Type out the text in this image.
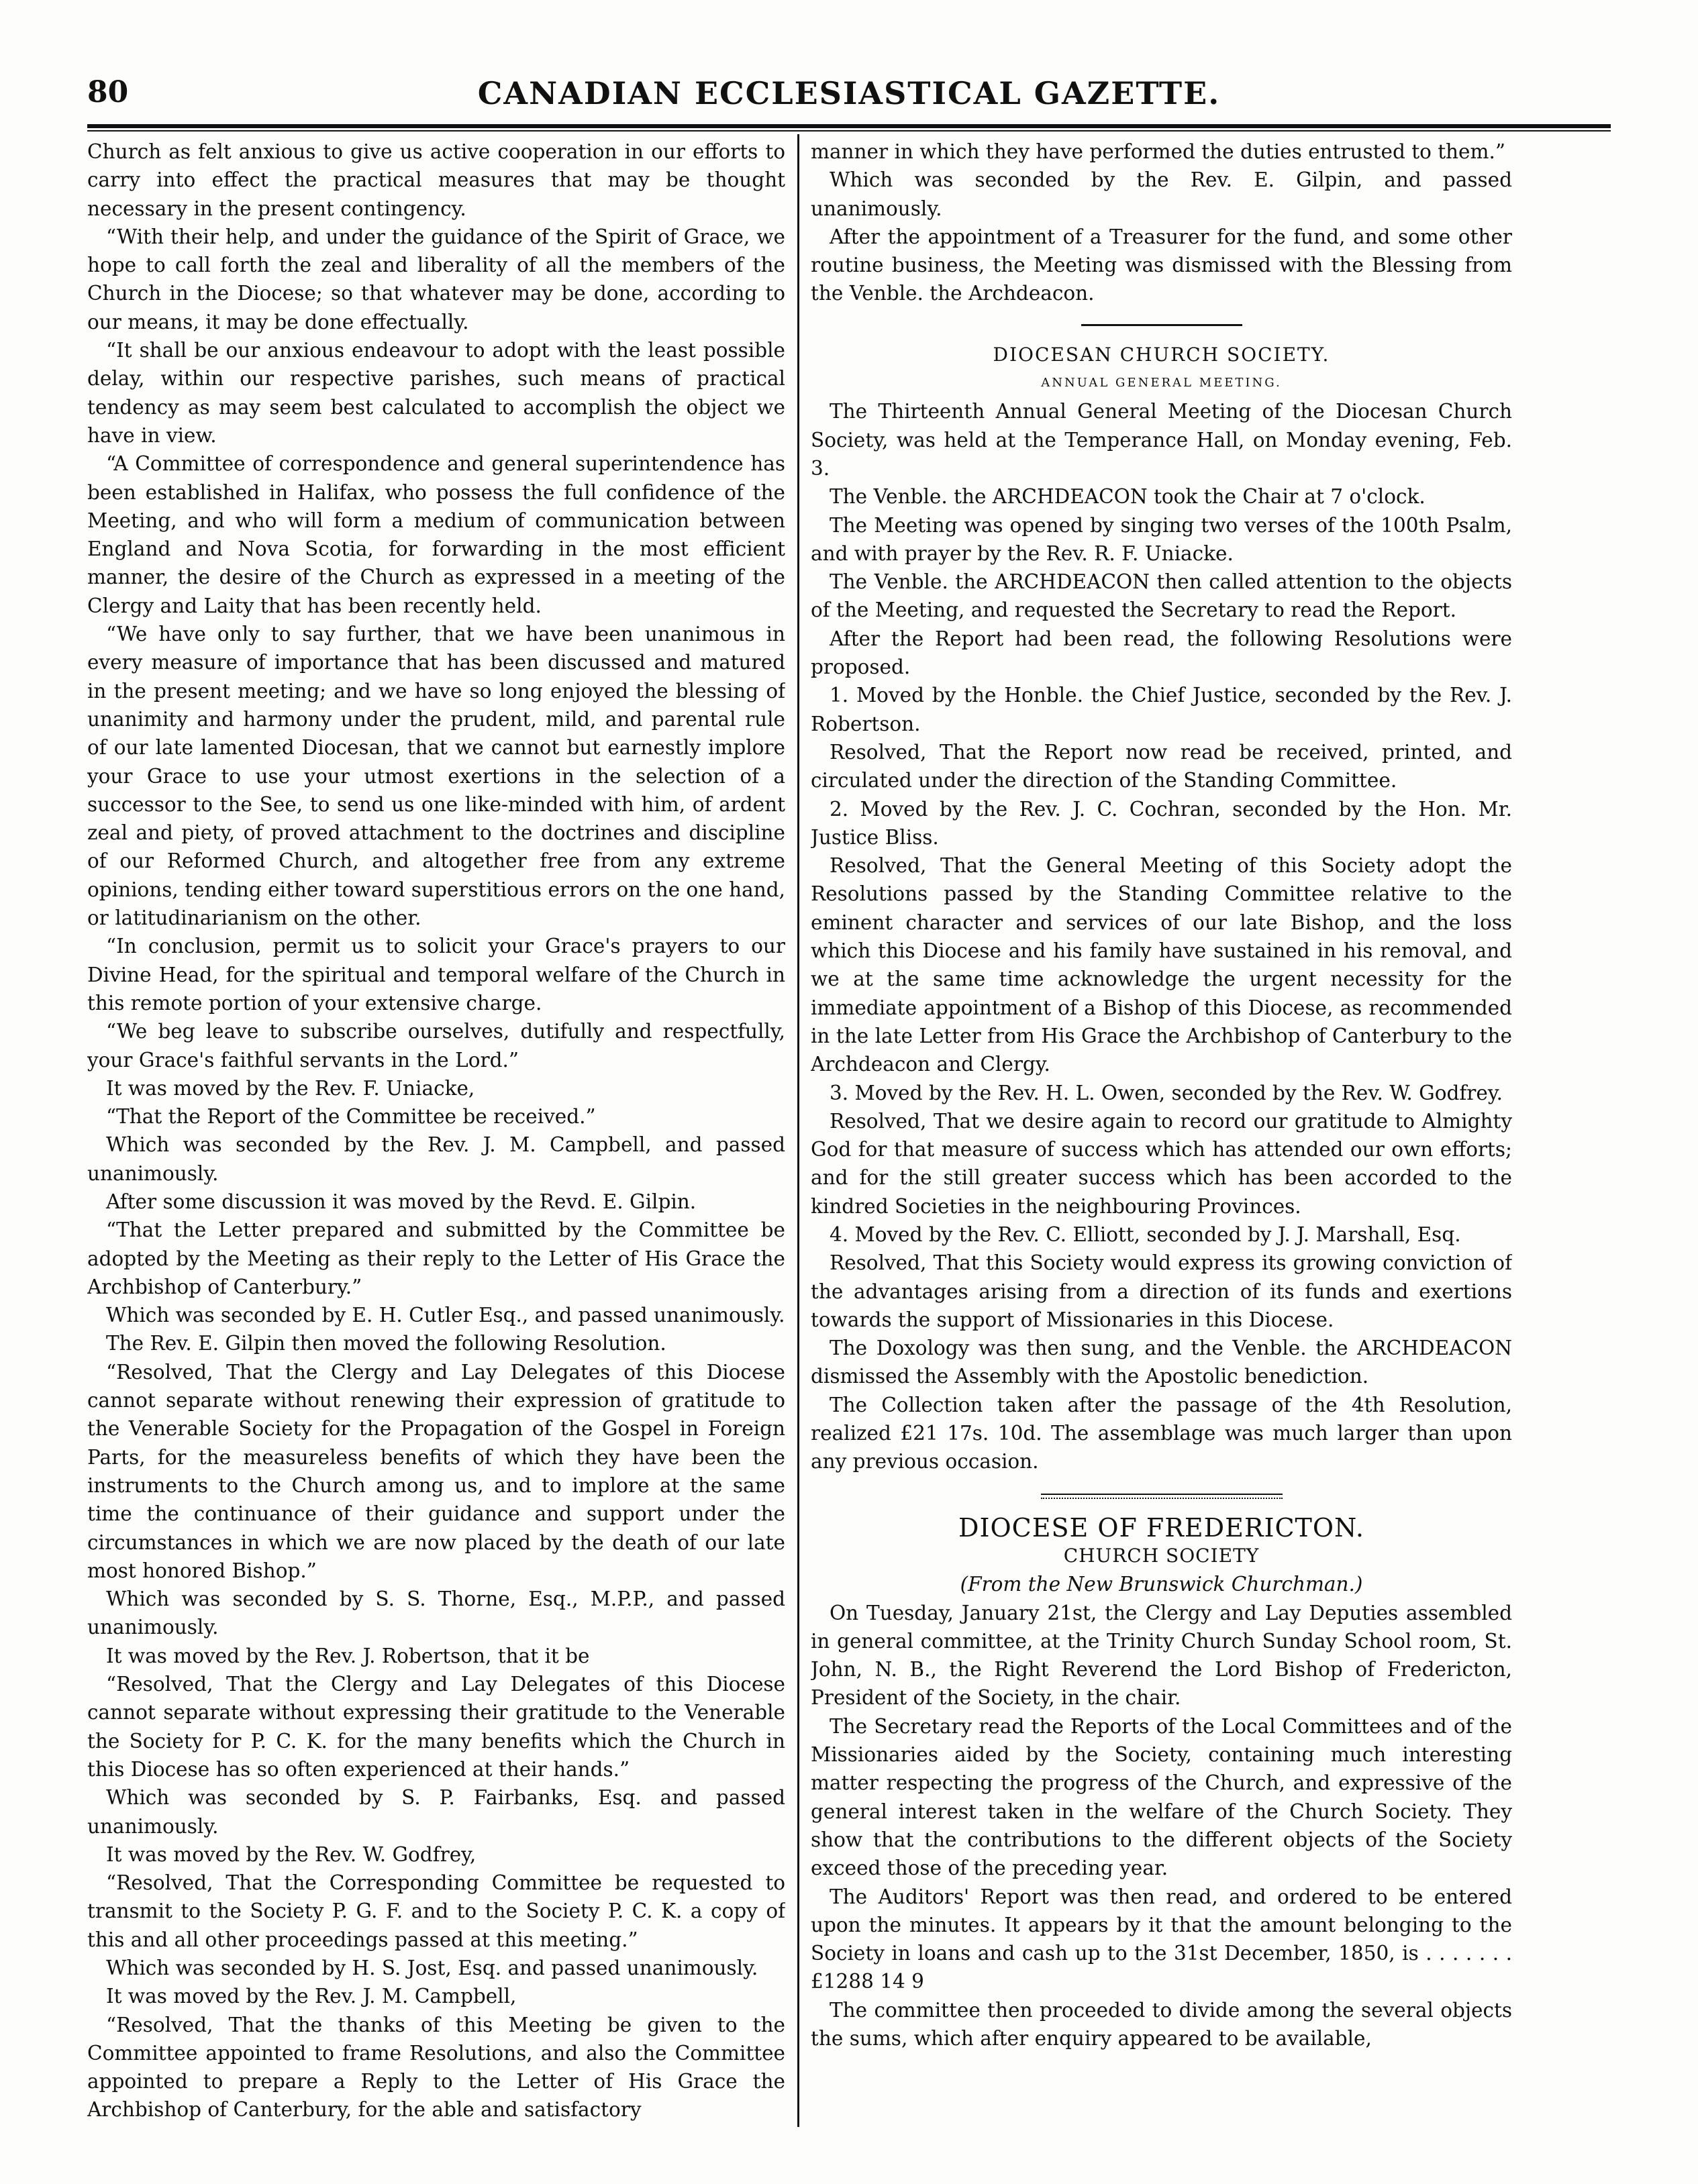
80	CANADIAN ECCLESIASTICAL GAZETTE.

Church as felt anxious to give us active cooperation in our efforts to carry into effect the practical measures that may be thought necessary in the present contingency.

“With their help, and under the guidance of the Spirit of Grace, we hope to call forth the zeal and liberality of all the members of the Church in the Diocese; so that whatever may be done, according to our means, it may be done effectually.

“It shall be our anxious endeavour to adopt with the least possible delay, within our respective parishes, such means of practical tendency as may seem best calculated to accomplish the object we have in view.

“A Committee of correspondence and general superintendence has been established in Halifax, who possess the full confidence of the Meeting, and who will form a medium of communication between England and Nova Scotia, for forwarding in the most efficient manner, the desire of the Church as expressed in a meeting of the Clergy and Laity that has been recently held.

“We have only to say further, that we have been unanimous in every measure of importance that has been discussed and matured in the present meeting; and we have so long enjoyed the blessing of unanimity and harmony under the prudent, mild, and parental rule of our late lamented Diocesan, that we cannot but earnestly implore your Grace to use your utmost exertions in the selection of a successor to the See, to send us one like-minded with him, of ardent zeal and piety, of proved attachment to the doctrines and discipline of our Reformed Church, and altogether free from any extreme opinions, tending either toward superstitious errors on the one hand, or latitudinarianism on the other.

“In conclusion, permit us to solicit your Grace's prayers to our Divine Head, for the spiritual and temporal welfare of the Church in this remote portion of your extensive charge.

“We beg leave to subscribe ourselves, dutifully and respectfully, your Grace's faithful servants in the Lord.”

It was moved by the Rev. F. Uniacke,

“That the Report of the Committee be received.”

Which was seconded by the Rev. J. M. Campbell, and passed unanimously.

After some discussion it was moved by the Revd. E. Gilpin.

“That the Letter prepared and submitted by the Committee be adopted by the Meeting as their reply to the Letter of His Grace the Archbishop of Canterbury.”

Which was seconded by E. H. Cutler Esq., and passed unanimously.

The Rev. E. Gilpin then moved the following Resolution.

“Resolved, That the Clergy and Lay Delegates of this Diocese cannot separate without renewing their expression of gratitude to the Venerable Society for the Propagation of the Gospel in Foreign Parts, for the measureless benefits of which they have been the instruments to the Church among us, and to implore at the same time the continuance of their guidance and support under the circumstances in which we are now placed by the death of our late most honored Bishop.”

Which was seconded by S. S. Thorne, Esq., M.P.P., and passed unanimously.

It was moved by the Rev. J. Robertson, that it be

“Resolved, That the Clergy and Lay Delegates of this Diocese cannot separate without expressing their gratitude to the Venerable the Society for P. C. K. for the many benefits which the Church in this Diocese has so often experienced at their hands.”

Which was seconded by S. P. Fairbanks, Esq. and passed unanimously.

It was moved by the Rev. W. Godfrey,

“Resolved, That the Corresponding Committee be requested to transmit to the Society P. G. F. and to the Society P. C. K. a copy of this and all other proceedings passed at this meeting.”

Which was seconded by H. S. Jost, Esq. and passed unanimously.

It was moved by the Rev. J. M. Campbell,

“Resolved, That the thanks of this Meeting be given to the Committee appointed to frame Resolutions, and also the Committee appointed to prepare a Reply to the Letter of His Grace the Archbishop of Canterbury, for the able and satisfactory

manner in which they have performed the duties entrusted to them.”

Which was seconded by the Rev. E. Gilpin, and passed unanimously.

After the appointment of a Treasurer for the fund, and some other routine business, the Meeting was dismissed with the Blessing from the Venble. the Archdeacon.

DIOCESAN CHURCH SOCIETY.

ANNUAL GENERAL MEETING.

The Thirteenth Annual General Meeting of the Diocesan Church Society, was held at the Temperance Hall, on Monday evening, Feb. 3.

The Venble. the ARCHDEACON took the Chair at 7 o'clock.

The Meeting was opened by singing two verses of the 100th Psalm, and with prayer by the Rev. R. F. Uniacke.

The Venble. the ARCHDEACON then called attention to the objects of the Meeting, and requested the Secretary to read the Report.

After the Report had been read, the following Resolutions were proposed.

1. Moved by the Honble. the Chief Justice, seconded by the Rev. J. Robertson.

Resolved, That the Report now read be received, printed, and circulated under the direction of the Standing Committee.

2. Moved by the Rev. J. C. Cochran, seconded by the Hon. Mr. Justice Bliss.

Resolved, That the General Meeting of this Society adopt the Resolutions passed by the Standing Committee relative to the eminent character and services of our late Bishop, and the loss which this Diocese and his family have sustained in his removal, and we at the same time acknowledge the urgent necessity for the immediate appointment of a Bishop of this Diocese, as recommended in the late Letter from His Grace the Archbishop of Canterbury to the Archdeacon and Clergy.

3. Moved by the Rev. H. L. Owen, seconded by the Rev. W. Godfrey.

Resolved, That we desire again to record our gratitude to Almighty God for that measure of success which has attended our own efforts; and for the still greater success which has been accorded to the kindred Societies in the neighbouring Provinces.

4. Moved by the Rev. C. Elliott, seconded by J. J. Marshall, Esq.

Resolved, That this Society would express its growing conviction of the advantages arising from a direction of its funds and exertions towards the support of Missionaries in this Diocese.

The Doxology was then sung, and the Venble. the ARCHDEACON dismissed the Assembly with the Apostolic benediction.

The Collection taken after the passage of the 4th Resolution, realized £21 17s. 10d. The assemblage was much larger than upon any previous occasion.

DIOCESE OF FREDERICTON.

CHURCH SOCIETY

(From the New Brunswick Churchman.)

On Tuesday, January 21st, the Clergy and Lay Deputies assembled in general committee, at the Trinity Church Sunday School room, St. John, N. B., the Right Reverend the Lord Bishop of Fredericton, President of the Society, in the chair.

The Secretary read the Reports of the Local Committees and of the Missionaries aided by the Society, containing much interesting matter respecting the progress of the Church, and expressive of the general interest taken in the welfare of the Church Society. They show that the contributions to the different objects of the Society exceed those of the preceding year.

The Auditors' Report was then read, and ordered to be entered upon the minutes. It appears by it that the amount belonging to the Society in loans and cash up to the 31st December, 1850, is . . . . . . . £1288 14 9

The committee then proceeded to divide among the several objects the sums, which after enquiry appeared to be available,
